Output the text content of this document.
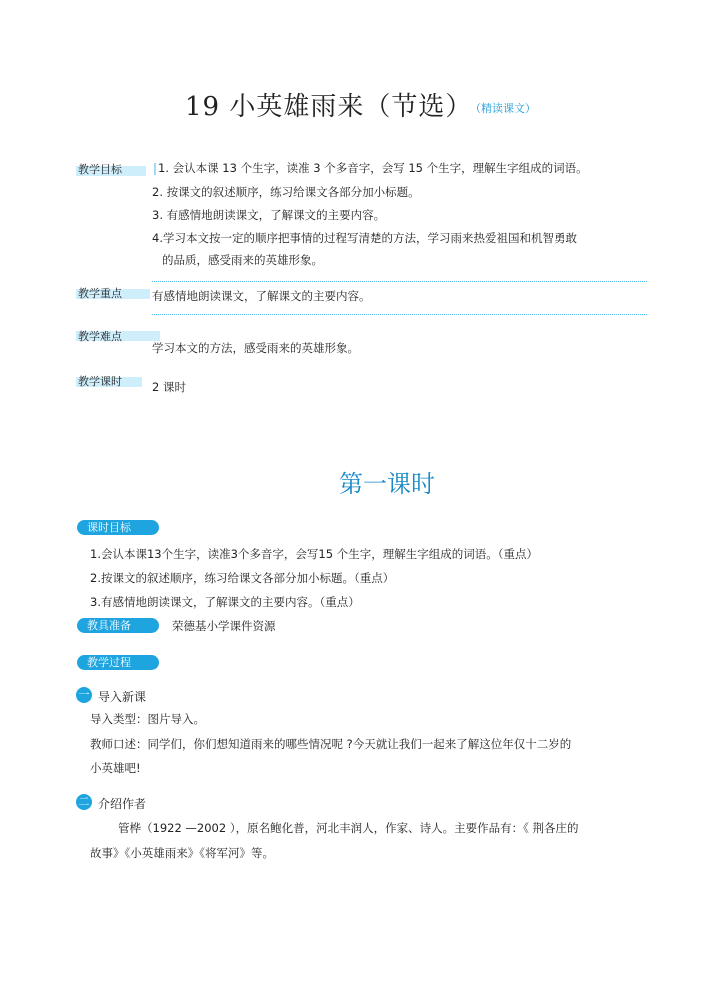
19 小英雄雨来（节选）
（精读课文）
教学目标	1. 会认本课 13 个生字，读准 3 个多音字，会写 15 个生字，理解生字组成的词语。
2. 按课文的叙述顺序，练习给课文各部分加小标题。
3. 有感情地朗读课文，了解课文的主要内容。
4.学习本文按一定的顺序把事情的过程写清楚的方法，学习雨来热爱祖国和机智勇敢
的品质，感受雨来的英雄形象。
教学重点	有感情地朗读课文，了解课文的主要内容。
教学难点
学习本文的方法，感受雨来的英雄形象。
教学课时	2 课时
第一课时
课时目标
1.会认本课13个生字，读准3个多音字，会写15 个生字，理解生字组成的词语。（重点）
2.按课文的叙述顺序，练习给课文各部分加小标题。（重点）
3.有感情地朗读课文，了解课文的主要内容。（重点）
教具准备	荣德基小学课件资源
教学过程
一 导入新课
导入类型：图片导入。
教师口述：同学们，你们想知道雨来的哪些情况呢 ?今天就让我们一起来了解这位年仅十二岁的
小英雄吧!
二 介绍作者
管桦（1922 —2002 ），原名鲍化普，河北丰润人，作家、诗人。主要作品有：《 荆各庄的
故事》《小英雄雨来》《将军河》等。
